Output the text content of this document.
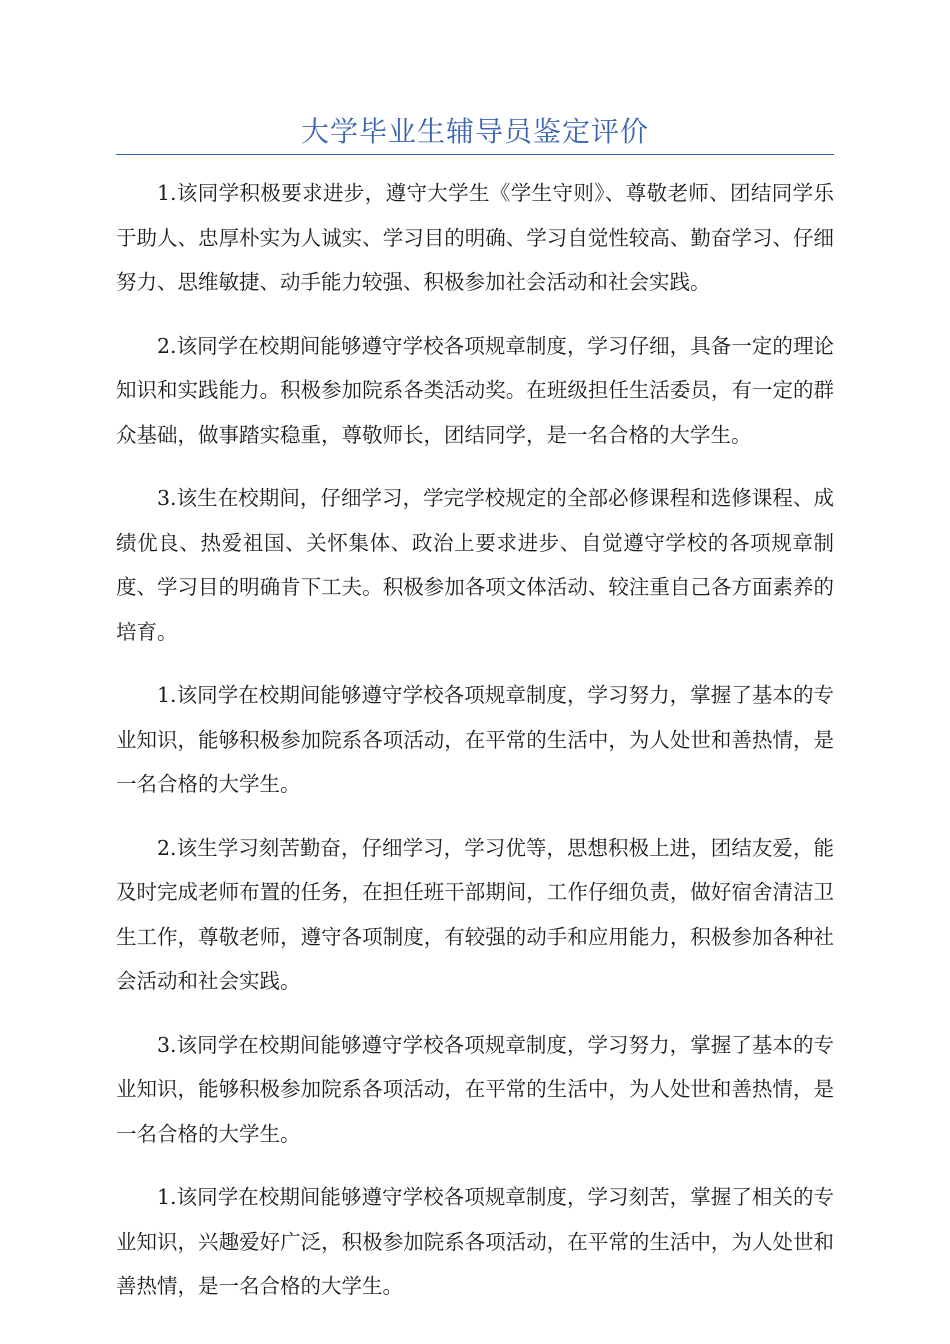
大学毕业生辅导员鉴定评价

1.该同学积极要求进步，遵守大学生《学生守则》、尊敬老师、团结同学乐于助人、忠厚朴实为人诚实、学习目的明确、学习自觉性较高、勤奋学习、仔细努力、思维敏捷、动手能力较强、积极参加社会活动和社会实践。

2.该同学在校期间能够遵守学校各项规章制度，学习仔细，具备一定的理论知识和实践能力。积极参加院系各类活动奖。在班级担任生活委员，有一定的群众基础，做事踏实稳重，尊敬师长，团结同学，是一名合格的大学生。

3.该生在校期间，仔细学习，学完学校规定的全部必修课程和选修课程、成绩优良、热爱祖国、关怀集体、政治上要求进步、自觉遵守学校的各项规章制度、学习目的明确肯下工夫。积极参加各项文体活动、较注重自己各方面素养的培育。

1.该同学在校期间能够遵守学校各项规章制度，学习努力，掌握了基本的专业知识，能够积极参加院系各项活动，在平常的生活中，为人处世和善热情，是一名合格的大学生。

2.该生学习刻苦勤奋，仔细学习，学习优等，思想积极上进，团结友爱，能及时完成老师布置的任务，在担任班干部期间，工作仔细负责，做好宿舍清洁卫生工作，尊敬老师，遵守各项制度，有较强的动手和应用能力，积极参加各种社会活动和社会实践。

3.该同学在校期间能够遵守学校各项规章制度，学习努力，掌握了基本的专业知识，能够积极参加院系各项活动，在平常的生活中，为人处世和善热情，是一名合格的大学生。

1.该同学在校期间能够遵守学校各项规章制度，学习刻苦，掌握了相关的专业知识，兴趣爱好广泛，积极参加院系各项活动，在平常的生活中，为人处世和善热情，是一名合格的大学生。
